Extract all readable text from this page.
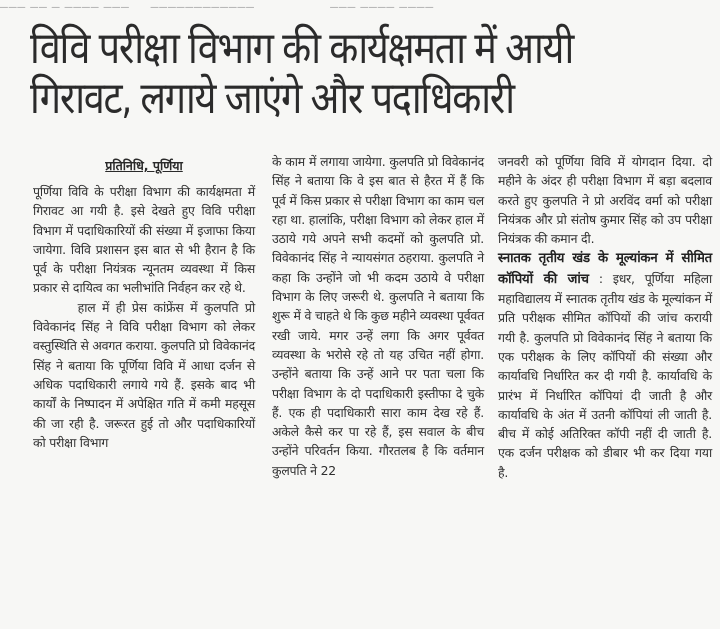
▁▁▁ ▁▁ ▁ ▁▁▁▁ ▁▁▁     ▁▁▁▁▁▁▁▁▁▁▁▁                  ▁▁▁ ▁▁▁▁ ▁▁▁▁
विवि परीक्षा विभाग की कार्यक्षमता में आयी
गिरावट, लगाये जाएंगे और पदाधिकारी
प्रतिनिधि, पूर्णिया

पूर्णिया विवि के परीक्षा विभाग की कार्यक्षमता में गिरावट आ गयी है. इसे देखते हुए विवि परीक्षा विभाग में पदाधिकारियों की संख्या में इजाफा किया जायेगा. विवि प्रशासन इस बात से भी हैरान है कि पूर्व के परीक्षा नियंत्रक न्यूनतम व्यवस्था में किस प्रकार से दायित्व का भलीभांति निर्वहन कर रहे थे.

हाल में ही प्रेस कांफ्रेंस में कुलपति प्रो विवेकानंद सिंह ने विवि परीक्षा विभाग को लेकर वस्तुस्थिति से अवगत कराया. कुलपति प्रो विवेकानंद सिंह ने बताया कि पूर्णिया विवि में आधा दर्जन से अधिक पदाधिकारी लगाये गये हैं. इसके बाद भी कार्यों के निष्पादन में अपेक्षित गति में कमी महसूस की जा रही है. जरूरत हुई तो और पदाधिकारियों को परीक्षा विभाग

के काम में लगाया जायेगा. कुलपति प्रो विवेकानंद सिंह ने बताया कि वे इस बात से हैरत में हैं कि पूर्व में किस प्रकार से परीक्षा विभाग का काम चल रहा था. हालांकि, परीक्षा विभाग को लेकर हाल में उठाये गये अपने सभी कदमों को कुलपति प्रो. विवेकानंद सिंह ने न्यायसंगत ठहराया. कुलपति ने कहा कि उन्होंने जो भी कदम उठाये वे परीक्षा विभाग के लिए जरूरी थे. कुलपति ने बताया कि शुरू में वे चाहते थे कि कुछ महीने व्यवस्था पूर्ववत रखी जाये. मगर उन्हें लगा कि अगर पूर्ववत व्यवस्था के भरोसे रहे तो यह उचित नहीं होगा. उन्होंने बताया कि उन्हें आने पर पता चला कि परीक्षा विभाग के दो पदाधिकारी इस्तीफा दे चुके हैं. एक ही पदाधिकारी सारा काम देख रहे हैं. अकेले कैसे कर पा रहे हैं, इस सवाल के बीच उन्होंने परिवर्तन किया. गौरतलब है कि वर्तमान कुलपति ने 22

जनवरी को पूर्णिया विवि में योगदान दिया. दो महीने के अंदर ही परीक्षा विभाग में बड़ा बदलाव करते हुए कुलपति ने प्रो अरविंद वर्मा को परीक्षा नियंत्रक और प्रो संतोष कुमार सिंह को उप परीक्षा नियंत्रक की कमान दी.

स्नातक तृतीय खंड के मूल्यांकन में सीमित कॉपियों की जांच : इधर, पूर्णिया महिला महाविद्यालय में स्नातक तृतीय खंड के मूल्यांकन में प्रति परीक्षक सीमित कॉपियों की जांच करायी गयी है. कुलपति प्रो विवेकानंद सिंह ने बताया कि एक परीक्षक के लिए कॉपियों की संख्या और कार्यावधि निर्धारित कर दी गयी है. कार्यावधि के प्रारंभ में निर्धारित कॉपियां दी जाती है और कार्यावधि के अंत में उतनी कॉपियां ली जाती है. बीच में कोई अतिरिक्त कॉपी नहीं दी जाती है. एक दर्जन परीक्षक को डीबार भी कर दिया गया है.
